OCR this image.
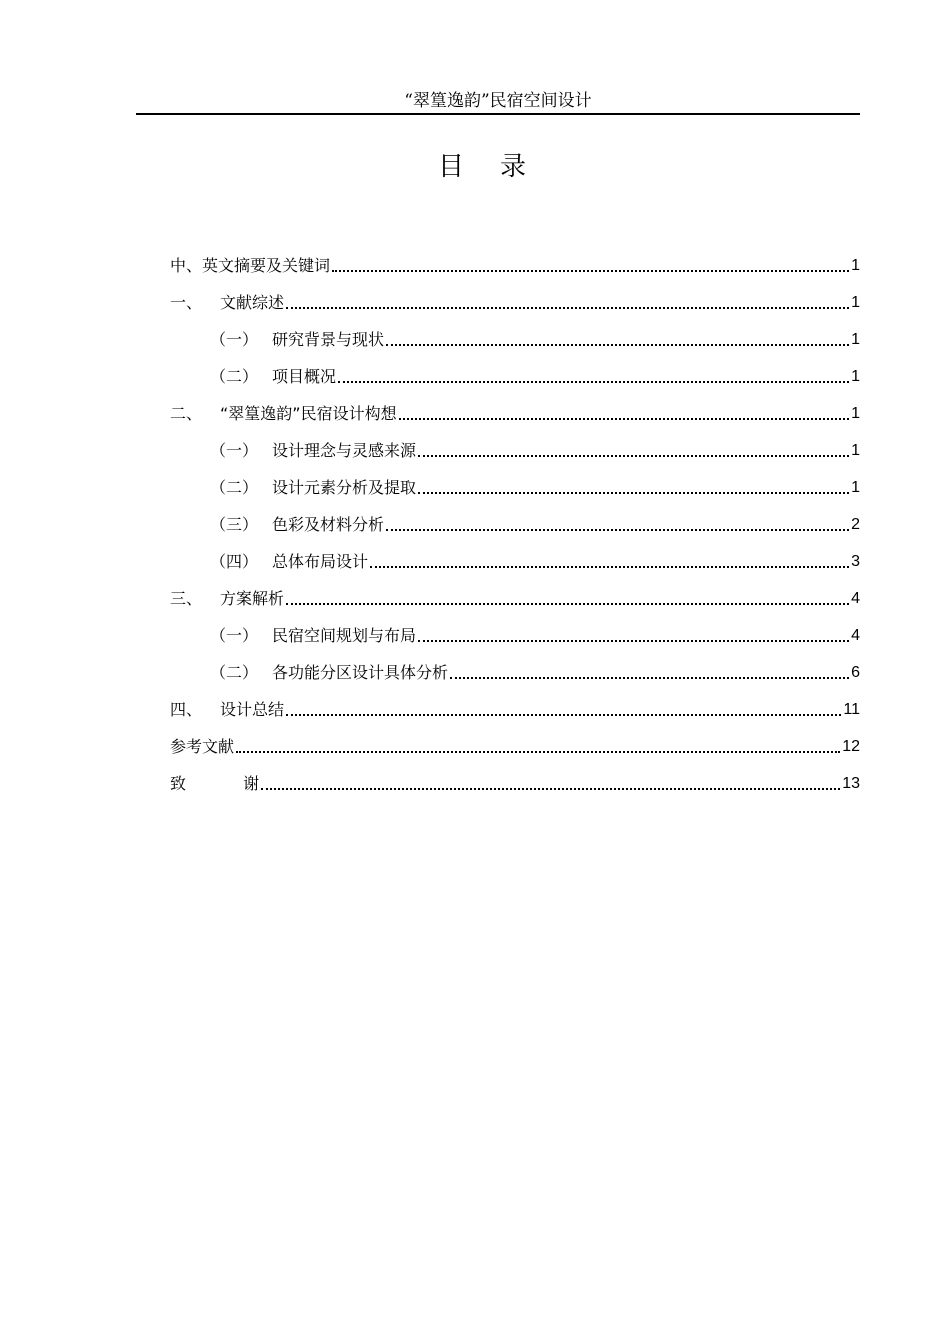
“翠篁逸韵”民宿空间设计
目录
中、英文摘要及关键词	1
一、	文献综述	1
（一） 研究背景与现状	1
（二） 项目概况	1
二、	“翠篁逸韵”民宿设计构想	1
（一） 设计理念与灵感来源	1
（二） 设计元素分析及提取	1
（三） 色彩及材料分析	2
（四） 总体布局设计	3
三、	方案解析	4
（一） 民宿空间规划与布局	4
（二） 各功能分区设计具体分析	6
四、	设计总结	11
参考文献	12
致 谢	13
